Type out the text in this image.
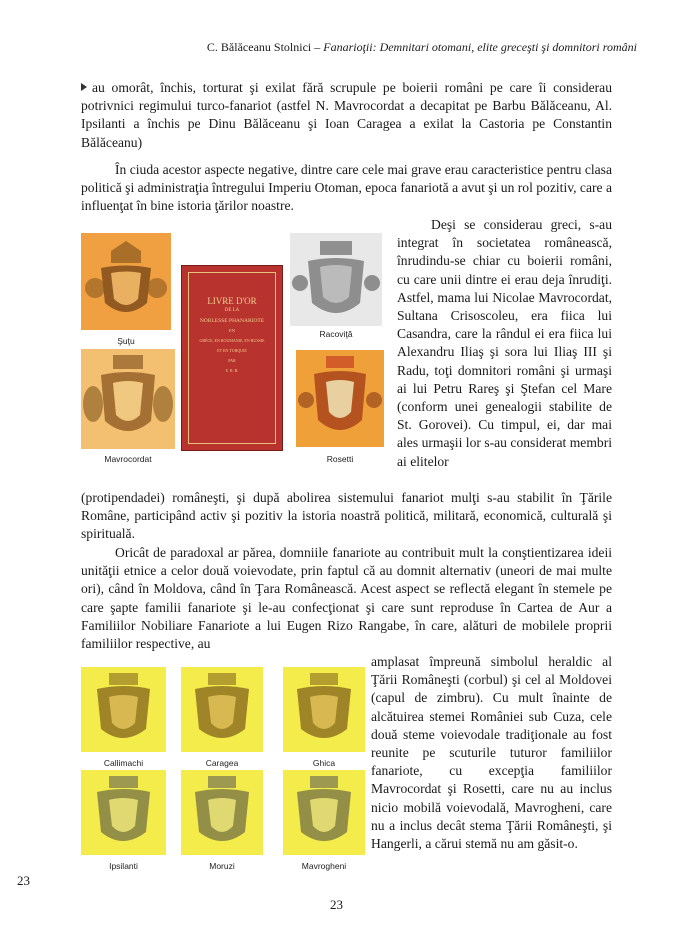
C. Bălăceanu Stolnici – Fanarioţii: Demnitari otomani, elite greceşti şi domnitori români

au omorât, închis, torturat şi exilat fără scrupule pe boierii români pe care îi considerau potrivnici regimului turco-fanariot (astfel N. Mavrocordat a decapitat pe Barbu Bălăceanu, Al. Ipsilanti a închis pe Dinu Bălăceanu şi Ioan Caragea a exilat la Castoria pe Constantin Bălăceanu)

În ciuda acestor aspecte negative, dintre care cele mai grave erau caracteristice pentru clasa politică şi administraţia întregului Imperiu Otoman, epoca fanariotă a avut şi un rol pozitiv, care a influenţat în bine istoria ţărilor noastre.

Deşi se considerau greci, s-au integrat în societatea românească, înrudindu-se chiar cu boierii români, cu care unii dintre ei erau deja înrudiţi. Astfel, mama lui Nicolae Mavrocordat, Sultana Crisoscoleu, era fiica lui Casandra, care la rândul ei era fiica lui Alexandru Iliaş şi sora lui Iliaş III şi Radu, toţi domnitori români şi urmaşi ai lui Petru Rareş şi Ştefan cel Mare (conform unei genealogii stabilite de St. Gorovei). Cu timpul, ei, dar mai ales urmaşii lor s-au considerat membri ai elitelor

(protipendadei) româneşti, şi după abolirea sistemului fanariot mulţi s-au stabilit în Ţările Române, participând activ şi pozitiv la istoria noastră politică, militară, economică, culturală şi spirituală.

Oricât de paradoxal ar părea, domniile fanariote au contribuit mult la conştientizarea ideii unităţii etnice a celor două voievodate, prin faptul că au domnit alternativ (uneori de mai multe ori), când în Moldova, când în Ţara Românească. Acest aspect se reflectă elegant în stemele pe care şapte familii fanariote şi le-au confecţionat şi care sunt reproduse în Cartea de Aur a Familiilor Nobiliare Fanariote a lui Eugen Rizo Rangabe, în care, alături de mobilele proprii familiilor respective, au

amplasat împreună simbolul heraldic al Ţării Româneşti (corbul) şi cel al Moldovei (capul de zimbru). Cu mult înainte de alcătuirea stemei României sub Cuza, cele două steme voievodale tradiţionale au fost reunite pe scuturile tuturor familiilor fanariote, cu excepţia familiilor Mavrocordat şi Rosetti, care nu au inclus nicio mobilă voievodală, Mavrogheni, care nu a inclus decât stema Ţării Româneşti, şi Hangerli, a cărui stemă nu am găsit-o.

Şuţu
LIVRE D'OR
DE LA
NOBLESSE PHANARIOTE
EN
GRÈCE, EN ROUMANIE, EN RUSSIE
ET EN TURQUIE
PAR
E. R. R.
Racoviţă
Mavrocordat	Rosetti
Callimachi	Caragea	Ghica
Ipsilanti	Moruzi	Mavrogheni
23
23
